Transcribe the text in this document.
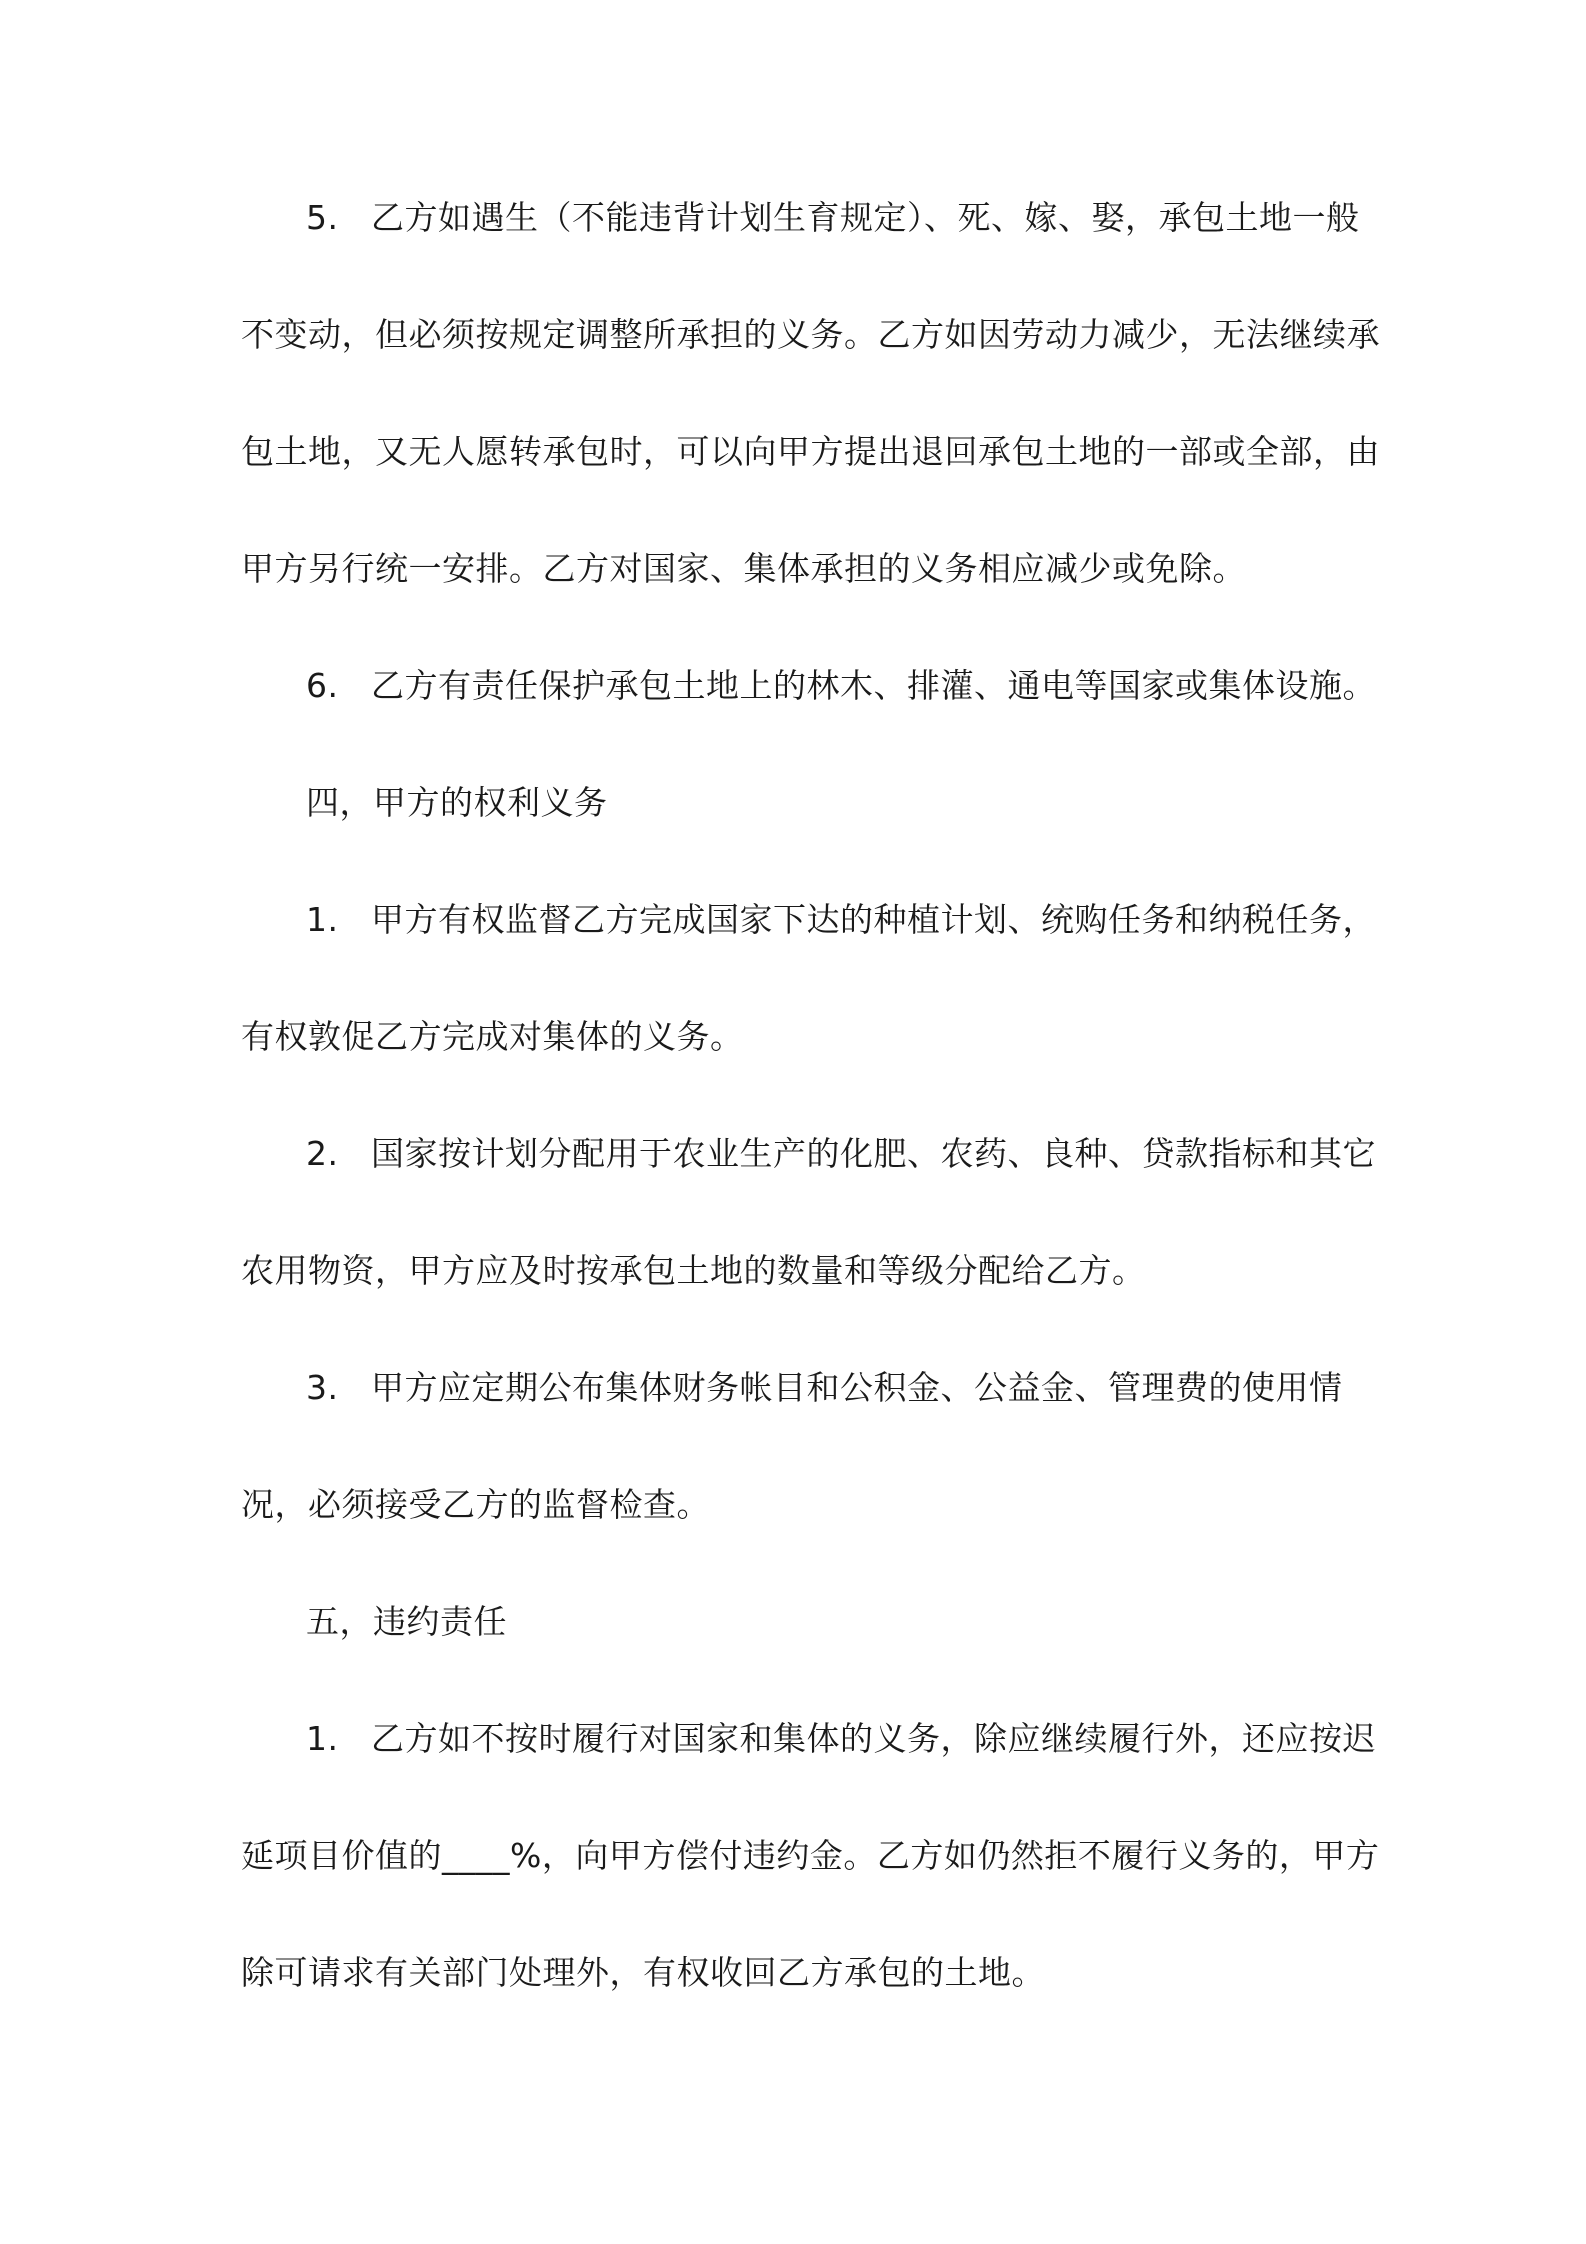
5. 乙方如遇生（不能违背计划生育规定）、死、嫁、娶，承包土地一般
不变动，但必须按规定调整所承担的义务。乙方如因劳动力减少，无法继续承
包土地，又无人愿转承包时，可以向甲方提出退回承包土地的一部或全部，由
甲方另行统一安排。乙方对国家、集体承担的义务相应减少或免除。
6. 乙方有责任保护承包土地上的林木、排灌、通电等国家或集体设施。
四，甲方的权利义务
1. 甲方有权监督乙方完成国家下达的种植计划、统购任务和纳税任务，
有权敦促乙方完成对集体的义务。
2. 国家按计划分配用于农业生产的化肥、农药、良种、贷款指标和其它
农用物资，甲方应及时按承包土地的数量和等级分配给乙方。
3. 甲方应定期公布集体财务帐目和公积金、公益金、管理费的使用情
况，必须接受乙方的监督检查。
五，违约责任
1. 乙方如不按时履行对国家和集体的义务，除应继续履行外，还应按迟
延项目价值的____%，向甲方偿付违约金。乙方如仍然拒不履行义务的，甲方
除可请求有关部门处理外，有权收回乙方承包的土地。
